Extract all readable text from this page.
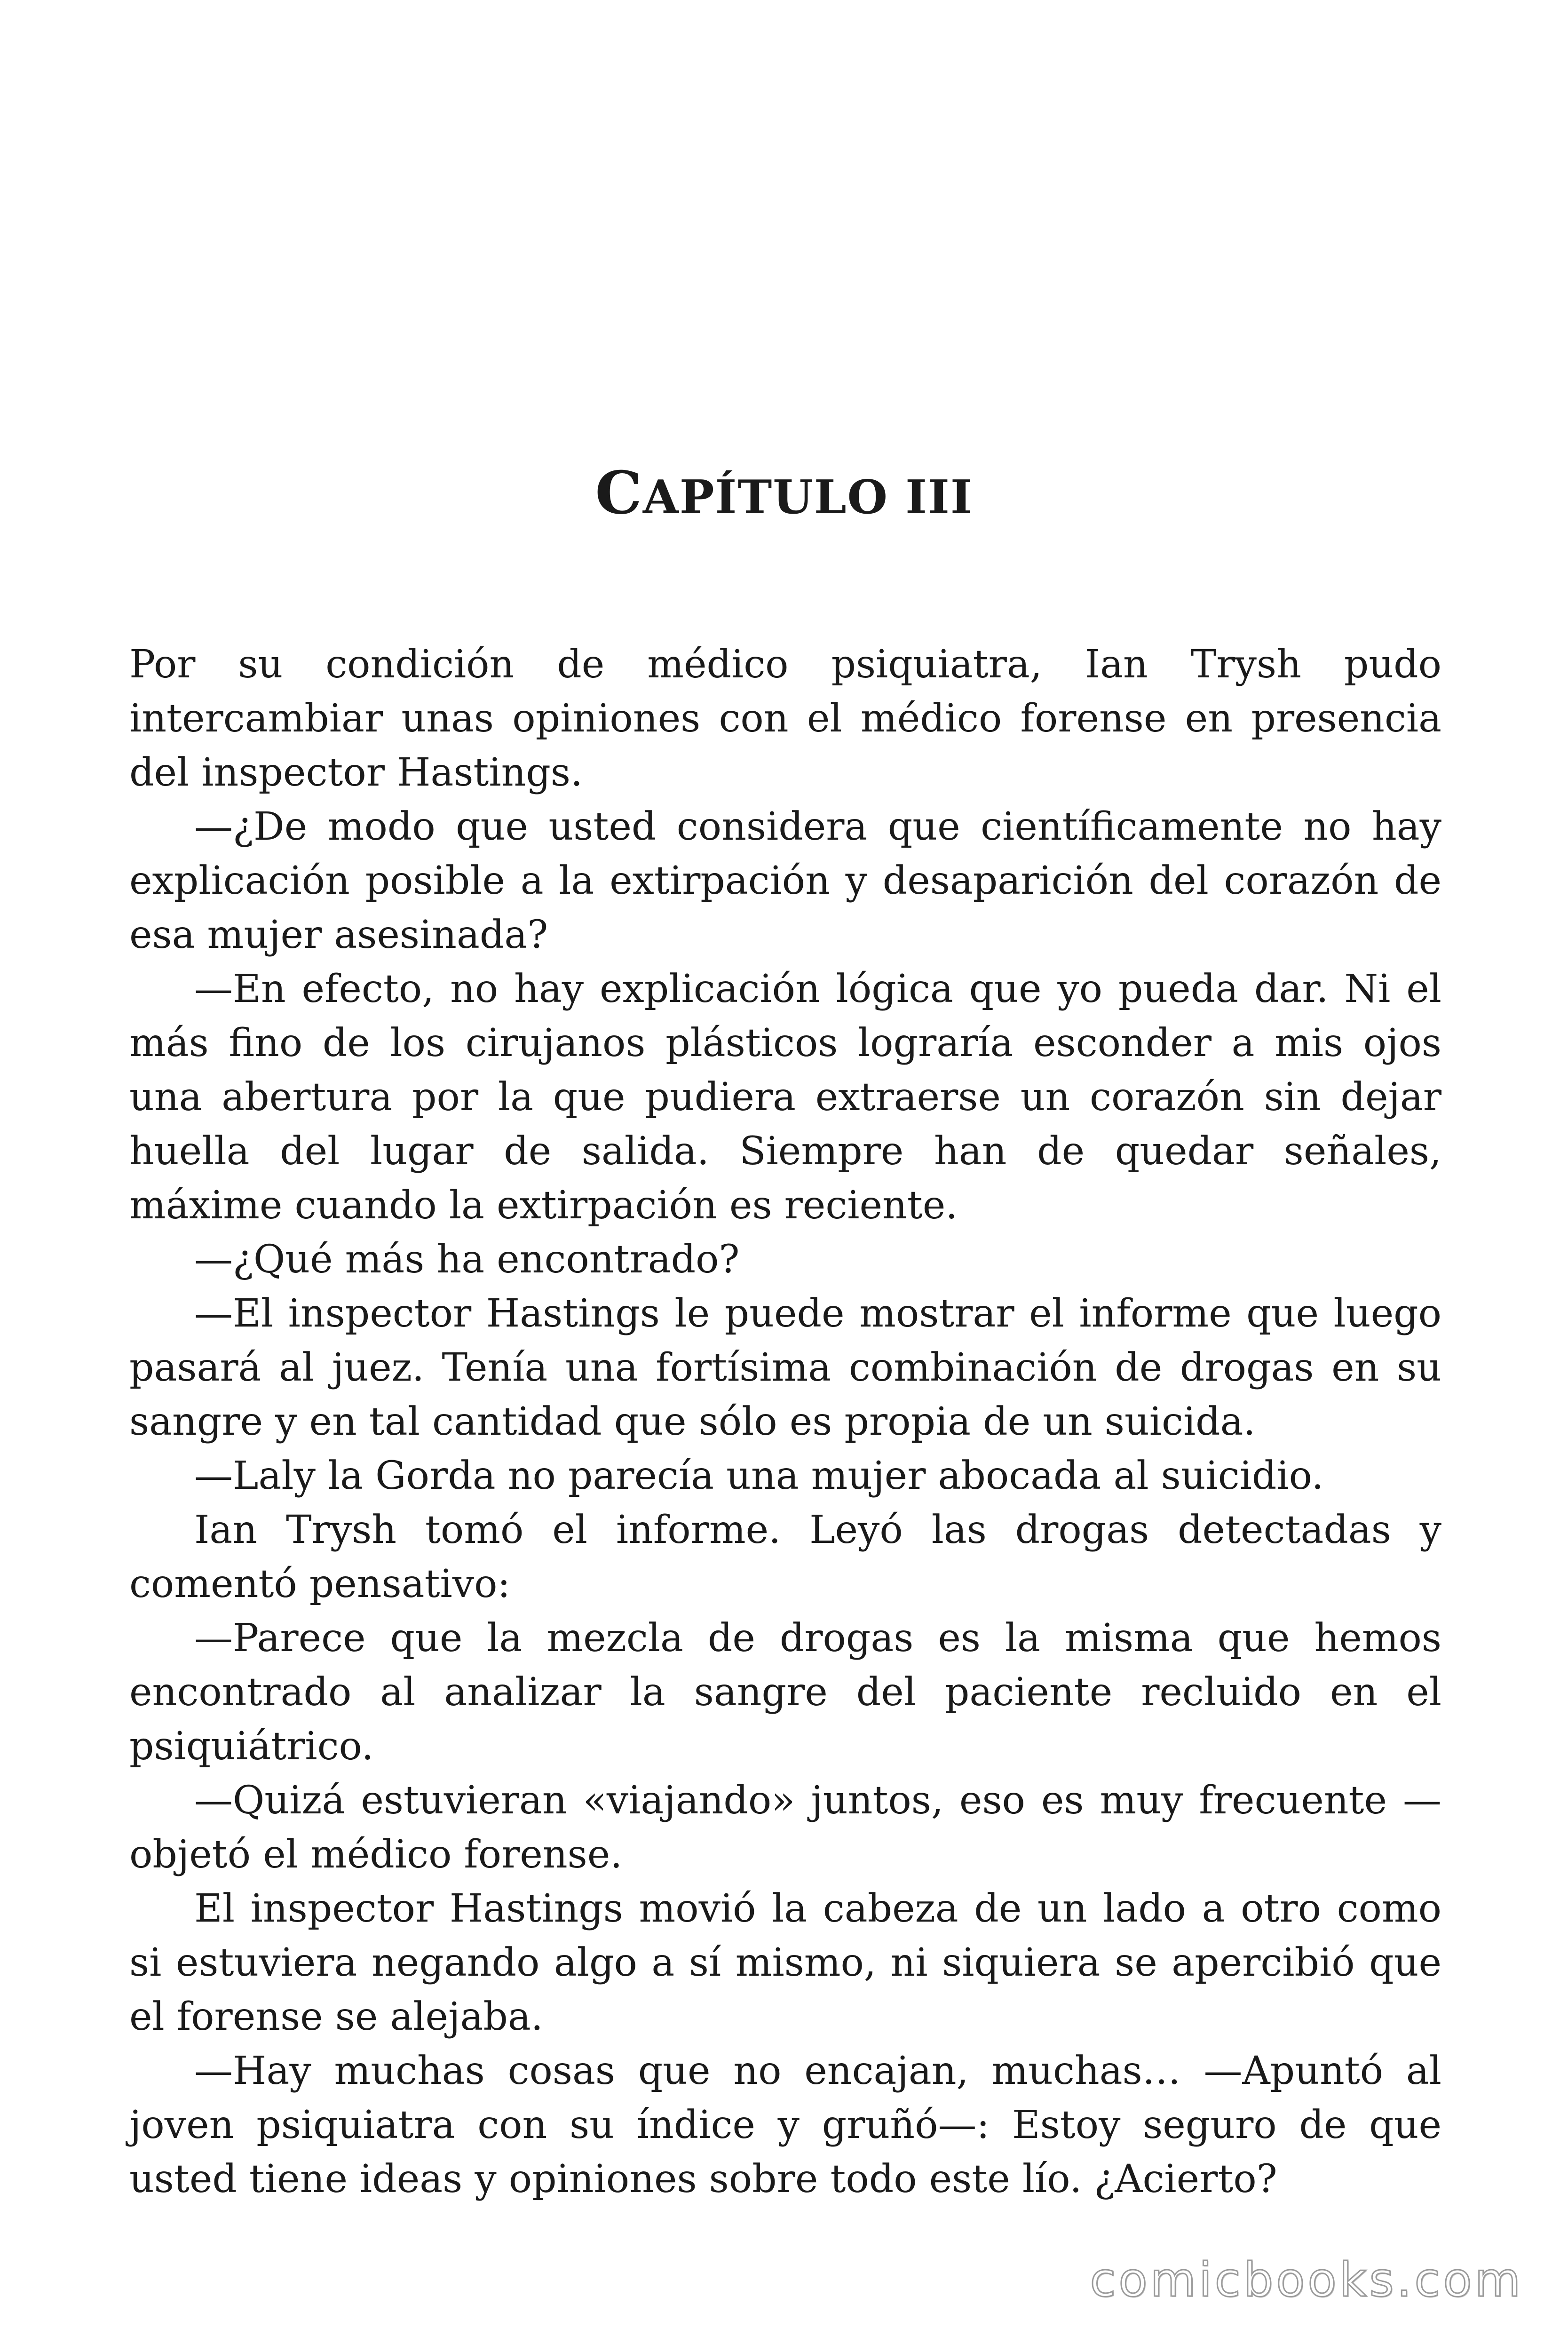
CAPÍTULO III

Por su condición de médico psiquiatra, Ian Trysh pudo intercambiar unas opiniones con el médico forense en presencia del inspector Hastings.

—¿De modo que usted considera que científicamente no hay explicación posible a la extirpación y desaparición del corazón de esa mujer asesinada?

—En efecto, no hay explicación lógica que yo pueda dar. Ni el más fino de los cirujanos plásticos lograría esconder a mis ojos una abertura por la que pudiera extraerse un corazón sin dejar huella del lugar de salida. Siempre han de quedar señales, máxime cuando la extirpación es reciente.

—¿Qué más ha encontrado?

—El inspector Hastings le puede mostrar el informe que luego pasará al juez. Tenía una fortísima combinación de drogas en su sangre y en tal cantidad que sólo es propia de un suicida.

—Laly la Gorda no parecía una mujer abocada al suicidio.

Ian Trysh tomó el informe. Leyó las drogas detectadas y comentó pensativo:

—Parece que la mezcla de drogas es la misma que hemos encontrado al analizar la sangre del paciente recluido en el psiquiátrico.

—Quizá estuvieran «viajando» juntos, eso es muy frecuente —objetó el médico forense.

El inspector Hastings movió la cabeza de un lado a otro como si estuviera negando algo a sí mismo, ni siquiera se apercibió que el forense se alejaba.

—Hay muchas cosas que no encajan, muchas… —Apuntó al joven psiquiatra con su índice y gruñó—: Estoy seguro de que usted tiene ideas y opiniones sobre todo este lío. ¿Acierto?

comicbooks.com
